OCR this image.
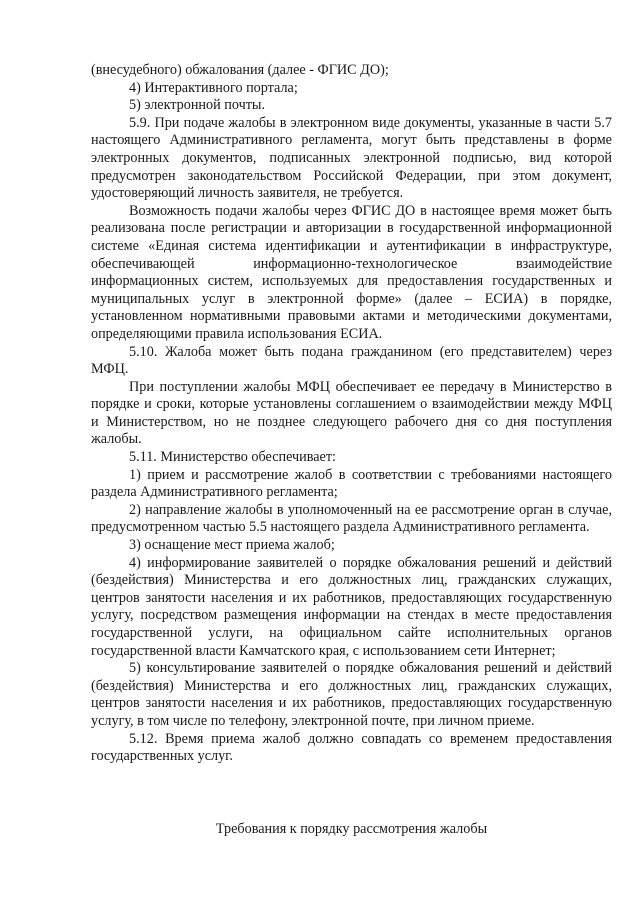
(внесудебного) обжалования (далее - ФГИС ДО);

4) Интерактивного портала;

5) электронной почты.

5.9. При подаче жалобы в электронном виде документы, указанные в части 5.7 настоящего Административного регламента, могут быть представлены в форме электронных документов, подписанных электронной подписью, вид которой предусмотрен законодательством Российской Федерации, при этом документ, удостоверяющий личность заявителя, не требуется.

Возможность подачи жалобы через ФГИС ДО в настоящее время может быть реализована после регистрации и авторизации в государственной информационной системе «Единая система идентификации и аутентификации в инфраструктуре, обеспечивающей информационно-технологическое взаимодействие информационных систем, используемых для предоставления государственных и муниципальных услуг в электронной форме» (далее – ЕСИА) в порядке, установленном нормативными правовыми актами и методическими документами, определяющими правила использования ЕСИА.

5.10. Жалоба может быть подана гражданином (его представителем) через МФЦ.

При поступлении жалобы МФЦ обеспечивает ее передачу в Министерство в порядке и сроки, которые установлены соглашением о взаимодействии между МФЦ и Министерством, но не позднее следующего рабочего дня со дня поступления жалобы.

5.11. Министерство обеспечивает:

1) прием и рассмотрение жалоб в соответствии с требованиями настоящего раздела Административного регламента;

2) направление жалобы в уполномоченный на ее рассмотрение орган в случае, предусмотренном частью 5.5 настоящего раздела Административного регламента.

3) оснащение мест приема жалоб;

4) информирование заявителей о порядке обжалования решений и действий (бездействия) Министерства и его должностных лиц, гражданских служащих, центров занятости населения и их работников, предоставляющих государственную услугу, посредством размещения информации на стендах в месте предоставления государственной услуги, на официальном сайте исполнительных органов государственной власти Камчатского края, с использованием сети Интернет;

5) консультирование заявителей о порядке обжалования решений и действий (бездействия) Министерства и его должностных лиц, гражданских служащих, центров занятости населения и их работников, предоставляющих государственную услугу, в том числе по телефону, электронной почте, при личном приеме.

5.12. Время приема жалоб должно совпадать со временем предоставления государственных услуг.

Требования к порядку рассмотрения жалобы
